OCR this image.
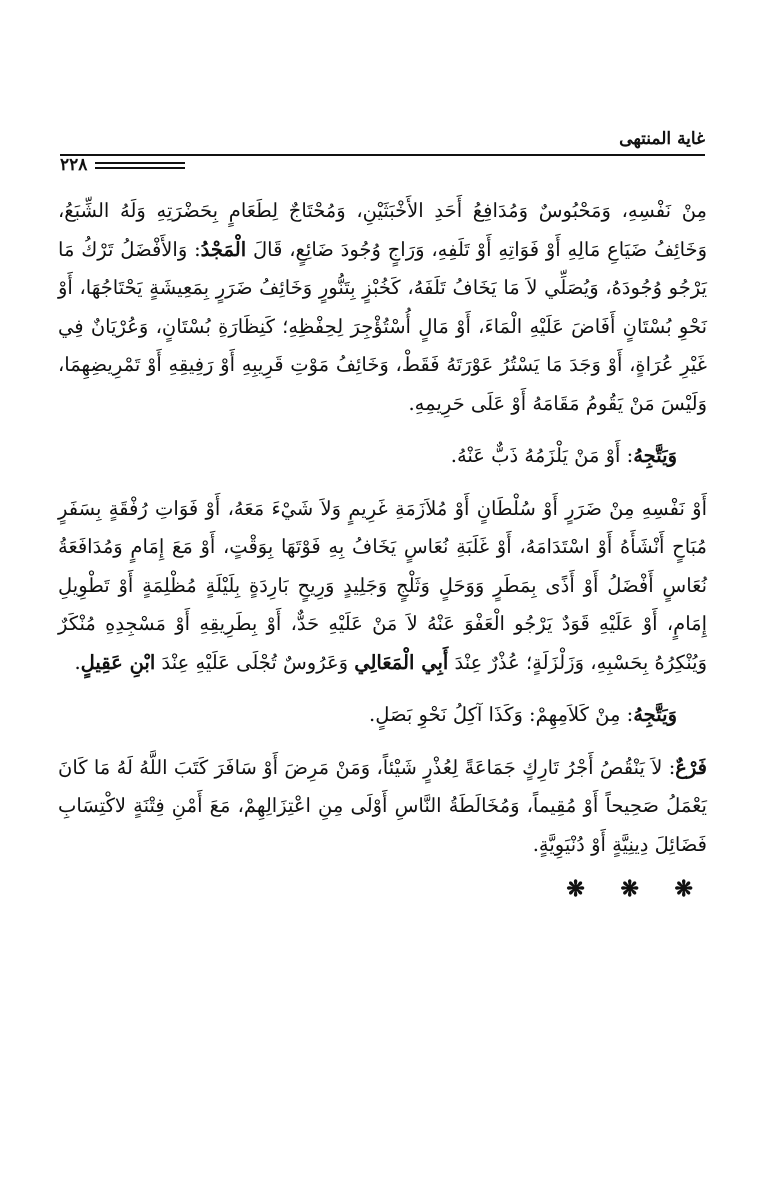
غاية المنتهى
٢٢٨

مِنْ نَفْسِهِ، وَمَحْبُوسٌ وَمُدَافِعُ أَحَدِ الأَخْبَثَيْنِ، وَمُحْتَاجٌ لِطَعَامٍ بِحَضْرَتِهِ وَلَهُ الشِّبَعُ، وَخَائِفُ ضَيَاعِ مَالِهِ أَوْ فَوَاتِهِ أَوْ تَلَفِهِ، وَرَاجٍ وُجُودَ ضَائِعٍ، قَالَ الْمَجْدُ: وَالأَفْضَلُ تَرْكُ مَا يَرْجُو وُجُودَهُ، وَيُصَلِّي لاَ مَا يَخَافُ تَلَفَهُ، كَخُبْزٍ بِتَنُّورٍ وَخَائِفُ ضَرَرٍ بِمَعِيشَةٍ يَحْتَاجُهَا، أَوْ نَحْوِ بُسْتَانٍ أَفَاضَ عَلَيْهِ الْمَاءَ، أَوْ مَالٍ أُسْتُؤْجِرَ لِحِفْظِهِ؛ كَنِظَارَةِ بُسْتَانٍ، وَعُرْيَانٌ فِي غَيْرِ عُرَاةٍ، أَوْ وَجَدَ مَا يَسْتُرُ عَوْرَتَهُ فَقَطْ، وَخَائِفُ مَوْتِ قَرِيبِهِ أَوْ رَفِيقِهِ أَوْ تَمْرِيضِهِمَا، وَلَيْسَ مَنْ يَقُومُ مَقَامَهُ أَوْ عَلَى حَرِيمِهِ.

وَيَتَّجِهُ: أَوْ مَنْ يَلْزَمُهُ ذَبٌّ عَنْهُ.

أَوْ نَفْسِهِ مِنْ ضَرَرٍ أَوْ سُلْطَانٍ أَوْ مُلاَزَمَةِ غَرِيمٍ وَلاَ شَيْءَ مَعَهُ، أَوْ فَوَاتِ رُفْقَةٍ بِسَفَرٍ مُبَاحٍ أَنْشَأَهُ أَوْ اسْتَدَامَهُ، أَوْ غَلَبَةِ نُعَاسٍ يَخَافُ بِهِ فَوْتَهَا بِوَقْتٍ، أَوْ مَعَ إِمَامٍ وَمُدَافَعَةُ نُعَاسٍ أَفْضَلُ أَوْ أَذًى بِمَطَرٍ وَوَحَلٍ وَثَلْجٍ وَجَلِيدٍ وَرِيحٍ بَارِدَةٍ بِلَيْلَةٍ مُظْلِمَةٍ أَوْ تَطْوِيلِ إِمَامٍ، أَوْ عَلَيْهِ قَوَدٌ يَرْجُو الْعَفْوَ عَنْهُ لاَ مَنْ عَلَيْهِ حَدٌّ، أَوْ بِطَرِيقِهِ أَوْ مَسْجِدِهِ مُنْكَرٌ وَيُنْكِرُهُ بِحَسْبِهِ، وَزَلْزَلَةٍ؛ عُذْرٌ عِنْدَ أَبِي الْمَعَالِي وَعَرُوسٌ تُجْلَى عَلَيْهِ عِنْدَ ابْنِ عَقِيلٍ.

وَيَتَّجِهُ: مِنْ كَلاَمِهِمْ: وَكَذَا آكِلُ نَحْوِ بَصَلٍ.

فَرْعٌ: لاَ يَنْقُصُ أَجْرُ تَارِكٍ جَمَاعَةً لِعُذْرٍ شَيْئاً، وَمَنْ مَرِضَ أَوْ سَافَرَ كَتَبَ اللَّهُ لَهُ مَا كَانَ يَعْمَلُ صَحِيحاً أَوْ مُقِيماً، وَمُخَالَطَةُ النَّاسِ أَوْلَى مِنِ اعْتِزَالِهِمْ، مَعَ أَمْنِ فِتْنَةٍ لاكْتِسَابِ فَضَائِلَ دِينِيَّةٍ أَوْ دُنْيَوِيَّةٍ.

❋ ❋ ❋
